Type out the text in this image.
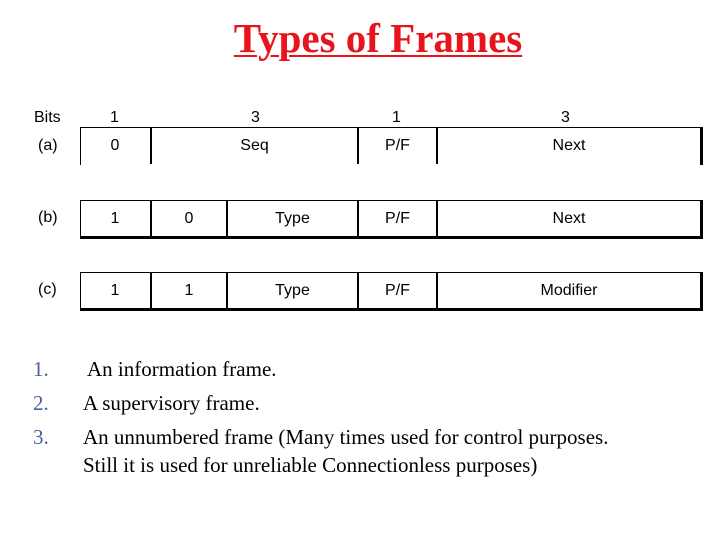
Types of Frames
Bits	1	3	1	3
(a)	0	Seq	P/F	Next
(b)	1	0	Type	P/F	Next
(c)	1	1	Type	P/F	Modifier
1. An information frame.
2. A supervisory frame.
3. An unnumbered frame (Many times used for control purposes.
Still it is used for unreliable Connectionless purposes)
